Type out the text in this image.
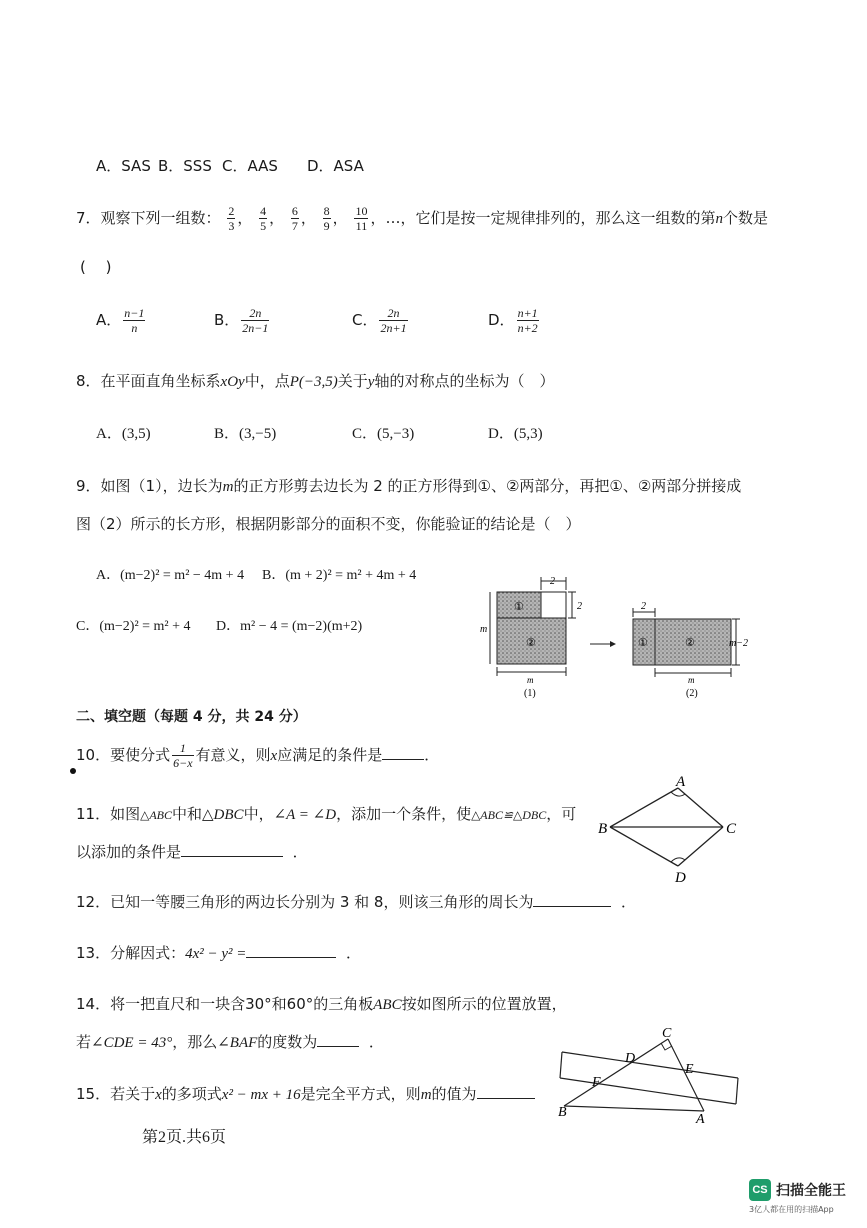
A．SAS B．SSS C．AAS D．ASA
7．观察下列一组数： $\frac{2}{3}$ ， $\frac{4}{5}$ ， $\frac{6}{7}$ ， $\frac{8}{9}$ ， $\frac{10}{11}$ ，…，它们是按一定规律排列的，那么这一组数的第n个数是
(　 )
A． $\frac{n-1}{n}$	B． $\frac{2n}{2n-1}$	C． $\frac{2n}{2n+1}$	D． $\frac{n+1}{n+2}$
8．在平面直角坐标系xOy中，点P(−3,5)关于y轴的对称点的坐标为（　）
A．(3,5)	B．(3,−5)	C．(5,−3)	D．(5,3)
9．如图（1），边长为m的正方形剪去边长为 2 的正方形得到①、②两部分，再把①、②两部分拼接成
图（2）所示的长方形，根据阴影部分的面积不变，你能验证的结论是（　）
A．(m−2)² = m² − 4m + 4 B．(m + 2)² = m² + 4m + 4
C．(m−2)² = m² + 4 D．m² − 4 = (m−2)(m+2)
2
2
m
m
①
②
(1)
2
m−2
m
①	②
(2)
二、填空题（每题 4 分，共 24 分）
10．要使分式 $\frac{1}{6-x}$ 有意义，则x应满足的条件是	．
11．如图△ABC中和△DBC中，∠A = ∠D，添加一个条件，使△ABC≌△DBC，可
以添加的条件是	．
A
B	C
D
12．已知一等腰三角形的两边长分别为 3 和 8，则该三角形的周长为	．
13．分解因式：4x² − y² =	．
14．将一把直尺和一块含30°和60°的三角板ABC按如图所示的位置放置，
若∠CDE = 43°，那么∠BAF的度数为	．	C
D
E
F
B	A
15．若关于x的多项式x² − mx + 16是完全平方式，则m的值为
第2页.共6页
CS 扫描全能王
3亿人都在用的扫描App
